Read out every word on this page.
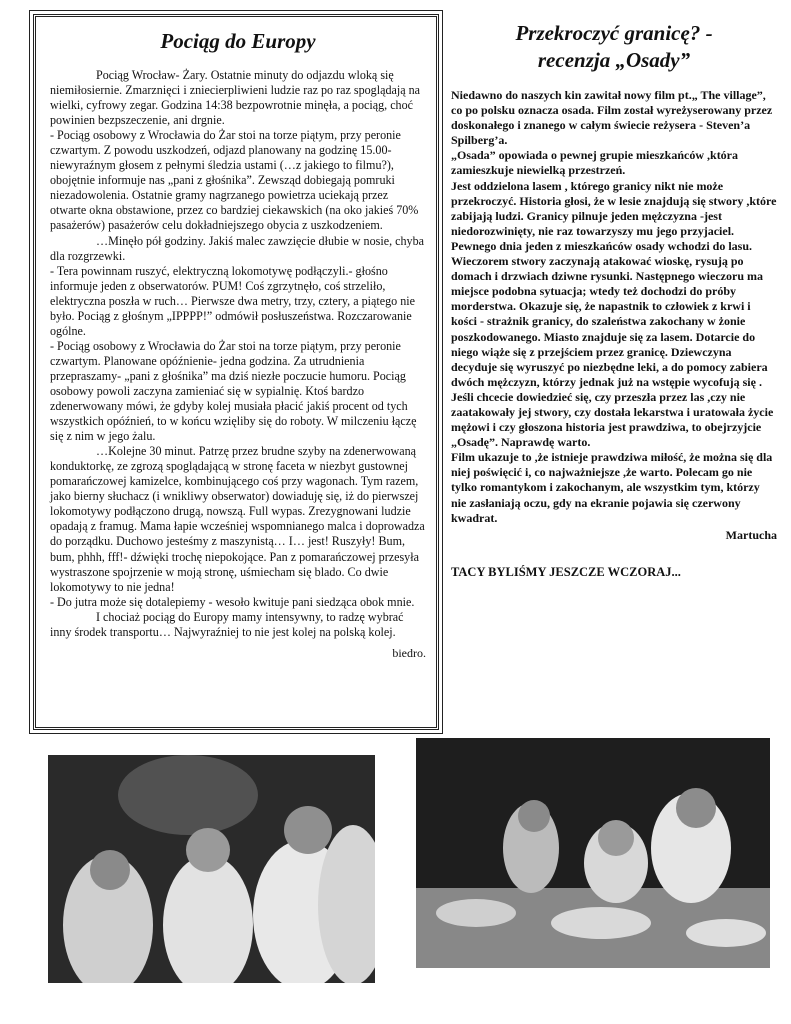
Pociąg do Europy

Pociąg Wrocław- Żary. Ostatnie minuty do odjazdu wloką się niemiłosiernie. Zmarznięci i zniecierpliwieni ludzie raz po raz spoglądają na wielki, cyfrowy zegar. Godzina 14:38 bezpowrotnie minęła, a pociąg, choć powinien bezpszeczenie, ani drgnie.

- Pociąg osobowy z Wrocławia do Żar stoi na torze piątym, przy peronie czwartym. Z powodu uszkodzeń, odjazd planowany na godzinę 15.00- niewyraźnym głosem z pełnymi śledzia ustami (…z jakiego to filmu?), obojętnie informuje nas „pani z głośnika”. Zewsząd dobiegają pomruki niezadowolenia. Ostatnie gramy nagrzanego powietrza uciekają przez otwarte okna obstawione, przez co bardziej ciekawskich (na oko jakieś 70% pasażerów) pasażerów celu dokładniejszego obycia z uszkodzeniem.

…Minęło pół godziny. Jakiś malec zawzięcie dłubie w nosie, chyba dla rozgrzewki.

- Tera powinnam ruszyć, elektryczną lokomotywę podłączyli.- głośno informuje jeden z obserwatorów. PUM! Coś zgrzytnęło, coś strzeliło, elektryczna poszła w ruch… Pierwsze dwa metry, trzy, cztery, a piątego nie było. Pociąg z głośnym „IPPPP!” odmówił posłuszeństwa. Rozczarowanie ogólne.

- Pociąg osobowy z Wrocławia do Żar stoi na torze piątym, przy peronie czwartym. Planowane opóźnienie- jedna godzina. Za utrudnienia przepraszamy- „pani z głośnika” ma dziś niezłe poczucie humoru. Pociąg osobowy powoli zaczyna zamieniać się w sypialnię. Ktoś bardzo zdenerwowany mówi, że gdyby kolej musiała płacić jakiś procent od tych wszystkich opóźnień, to w końcu wzięliby się do roboty. W milczeniu łączę się z nim w jego żalu.

…Kolejne 30 minut. Patrzę przez brudne szyby na zdenerwowaną konduktorkę, ze zgrozą spoglądającą w stronę faceta w niezbyt gustownej pomarańczowej kamizelce, kombinującego coś przy wagonach. Tym razem, jako bierny słuchacz (i wnikliwy obserwator) dowiaduję się, iż do pierwszej lokomotywy podłączono drugą, nowszą. Full wypas. Zrezygnowani ludzie opadają z framug. Mama łapie wcześniej wspomnianego malca i doprowadza do porządku. Duchowo jesteśmy z maszynistą… I… jest! Ruszyły! Bum, bum, phhh, fff!- dźwięki trochę niepokojące. Pan z pomarańczowej przesyła wystraszone spojrzenie w moją stronę, uśmiecham się blado. Co dwie lokomotywy to nie jedna!

- Do jutra może się dotalepiemy - wesoło kwituje pani siedząca obok mnie.

I chociaż pociąg do Europy mamy intensywny, to radzę wybrać inny środek transportu… Najwyraźniej to nie jest kolej na polską kolej.

biedro.
Przekroczyć granicę? -
recenzja „Osady”

Niedawno do naszych kin zawitał nowy film pt.„ The village”, co po polsku oznacza osada. Film został wyreżyserowany przez doskonałego i znanego w całym świecie reżysera - Steven’a Spilberg’a.

„Osada” opowiada o pewnej grupie mieszkańców ,która zamieszkuje niewielką przestrzeń.

Jest oddzielona lasem , którego granicy nikt nie może przekroczyć. Historia głosi, że w lesie znajdują się stwory ,które zabijają ludzi. Granicy pilnuje jeden mężczyzna -jest niedorozwinięty, nie raz towarzyszy mu jego przyjaciel. Pewnego dnia jeden z mieszkańców osady wchodzi do lasu. Wieczorem stwory zaczynają atakować wioskę, rysują po domach i drzwiach dziwne rysunki. Następnego wieczoru ma miejsce podobna sytuacja; wtedy też dochodzi do próby morderstwa. Okazuje się, że napastnik to człowiek z krwi i kości - strażnik granicy, do szaleństwa zakochany w żonie poszkodowanego. Miasto znajduje się za lasem. Dotarcie do niego wiąże się z przejściem przez granicę. Dziewczyna decyduje się wyruszyć po niezbędne leki, a do pomocy zabiera dwóch mężczyzn, którzy jednak już na wstępie wycofują się .

Jeśli chcecie dowiedzieć się, czy przeszła przez las ,czy nie zaatakowały jej stwory, czy dostała lekarstwa i uratowała życie mężowi i czy głoszona historia jest prawdziwa, to obejrzyjcie „Osadę”. Naprawdę warto.

Film ukazuje to ,że istnieje prawdziwa miłość, że można się dla niej poświęcić i, co najważniejsze ,że warto. Polecam go nie tylko romantykom i zakochanym, ale wszystkim tym, którzy nie zasłaniają oczu, gdy na ekranie pojawia się czerwony kwadrat.

Martucha
TACY BYLIŚMY JESZCZE WCZORAJ...
